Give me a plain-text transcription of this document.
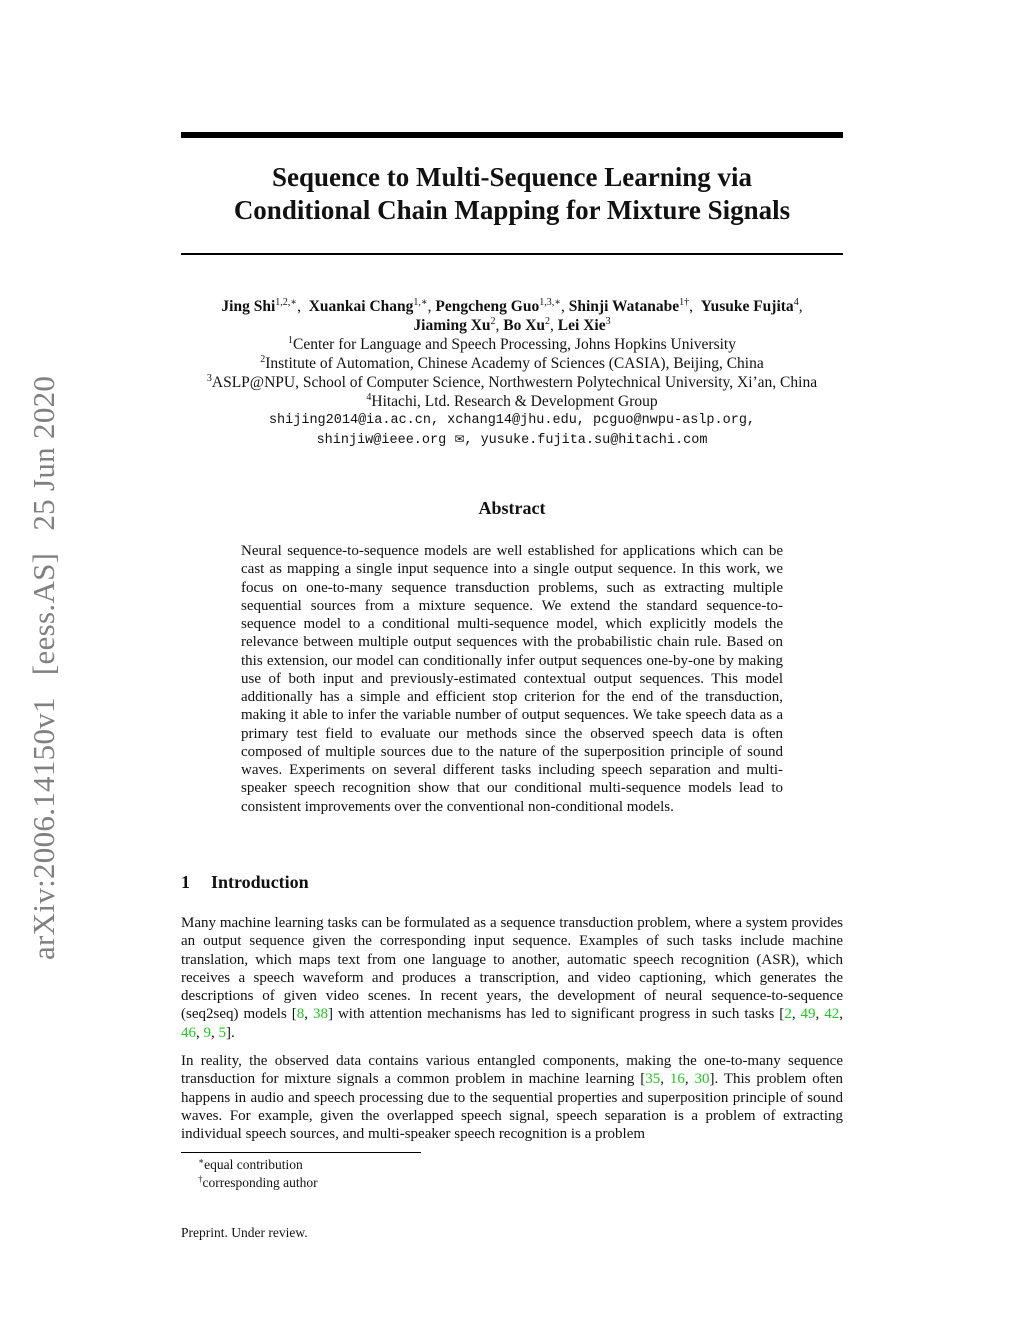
arXiv:2006.14150v1 [eess.AS] 25 Jun 2020
Sequence to Multi-Sequence Learning via
Conditional Chain Mapping for Mixture Signals
Jing Shi$^{1,2,∗}$,  Xuankai Chang$^{1,∗}$, Pengcheng Guo$^{1,3,∗}$, Shinji Watanabe$^{1\dagger}$,  Yusuke Fujita$^4$,
Jiaming Xu$^2$, Bo Xu$^2$, Lei Xie$^3$
$^1$Center for Language and Speech Processing, Johns Hopkins University
$^2$Institute of Automation, Chinese Academy of Sciences (CASIA), Beijing, China
$^3$ASLP@NPU, School of Computer Science, Northwestern Polytechnical University, Xi’an, China
$^4$Hitachi, Ltd. Research & Development Group
shijing2014@ia.ac.cn, xchang14@jhu.edu, pcguo@nwpu-aslp.org,
shinjiw@ieee.org ✉, yusuke.fujita.su@hitachi.com
Abstract

Neural sequence-to-sequence models are well established for applications which can be cast as mapping a single input sequence into a single output sequence. In this work, we focus on one-to-many sequence transduction problems, such as extracting multiple sequential sources from a mixture sequence. We extend the standard sequence-to-sequence model to a conditional multi-sequence model, which explicitly models the relevance between multiple output sequences with the probabilistic chain rule. Based on this extension, our model can conditionally infer output sequences one-by-one by making use of both input and previously-estimated contextual output sequences. This model additionally has a simple and efficient stop criterion for the end of the transduction, making it able to infer the variable number of output sequences. We take speech data as a primary test field to evaluate our methods since the observed speech data is often composed of multiple sources due to the nature of the superposition principle of sound waves. Experiments on several different tasks including speech separation and multi-speaker speech recognition show that our conditional multi-sequence models lead to consistent improvements over the conventional non-conditional models.

1 Introduction

Many machine learning tasks can be formulated as a sequence transduction problem, where a system provides an output sequence given the corresponding input sequence. Examples of such tasks include machine translation, which maps text from one language to another, automatic speech recognition (ASR), which receives a speech waveform and produces a transcription, and video captioning, which generates the descriptions of given video scenes. In recent years, the development of neural sequence-to-sequence (seq2seq) models [8, 38] with attention mechanisms has led to significant progress in such tasks [2, 49, 42, 46, 9, 5].

In reality, the observed data contains various entangled components, making the one-to-many sequence transduction for mixture signals a common problem in machine learning [35, 16, 30]. This problem often happens in audio and speech processing due to the sequential properties and superposition principle of sound waves. For example, given the overlapped speech signal, speech separation is a problem of extracting individual speech sources, and multi-speaker speech recognition is a problem

∗equal contribution

†corresponding author

Preprint. Under review.
